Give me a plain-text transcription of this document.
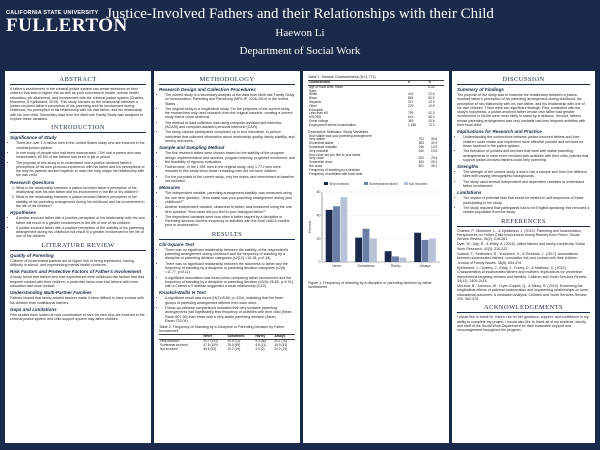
CALIFORNIA STATE UNIVERSITY
FULLERTON
Justice-Involved Fathers and their Relationships with their Child
Haewon Li
Department of Social Work
ABSTRACT

A father's involvement in the criminal justice system can create stressors on their children that lead to higher risk as well as poor outcomes in health, mental health, education, job attainment, and involvement with the criminal justice system (Charles, Muentner, & Kjellstrand, 2019). This study focuses on the relationship between a justice-involved father's perception of his parenting and his involvement during childhood, his perception of his relationship with his own father, and his relationship with his own child. Secondary data from the Multi-site Family Study was analyzed to explore these variables.

INTRODUCTION
Significance of Study
• There are over 1.5 million men in the United States today who are involved in the criminal justice system.
• In one study of people who had been incarcerated, 74% had a parent who was incarcerated; 60.5% of the fathers had been in jail or prison.
• The purpose of this study is to understand how a justice-involved father's perceptions of his own personal experience with his father and his perceptions of the way his parents worked together to raise him help shape his relationship with his own child.
Research Questions
1. What is the relationship between a justice-involved father's perception of his relationship with his own father and his involvement in the life of his children?
2. What is the relationship between a justice-involved father's perception of the stability of his parenting arrangement during his childhood and his involvement in the life of his children?
Hypotheses
• A justice-involved father with a positive perception of his relationship with his own father will result in a greater involvement in the life of one of his children.
• A justice-involved father with a positive perception of the stability of his parenting arrangement during his childhood will result in a greater involvement in the life of one of his children.
LITERATURE REVIEW
Quality of Parenting

Children of incarcerated parents are at higher risk of being imprisoned, having difficulty in school, and experiencing mental health concerns.

Risk Factors and Protective Factors of Father's Involvement

A study found that fathers who had experienced more childhood risk factors had less frequent contact with their children; a protective factor was that fathers with more education had more contact.

Understanding Multi-Partner Families

Fathers shared that family-related barriers made it more difficult to have contact with his children than institutional barriers.

Gaps and Limitations

Few studies have looked at how coordination of care for men who are involved in the criminal justice system and child support system may affect children.

METHODOLOGY
Research Design and Collection Procedures
• The current study is a secondary analysis of the data from Multi-site Family Study on Incarceration, Parenting and Partnering (MFS-IP, 2008-2014) in the United States.
• The original study is a longitudinal study. For the purposes of the current study the researchers only used research from the original baseline, creating a current study that is cross-sectional.
• The method of data collection was using computer-assisted self-interview (ACASI) and computer-assisted personal interview (CAPI).
• The study capture participants completed up to four interviews, in-person interviews that collected information about relationship quality, family stability, and reentry outcomes.
Sample and Sampling Method
• The five research states were chosen based on the stability of the program design, implementation and services, program intensity, projected enrollment, and the feasibility of rigorous evaluation.
• Furthermore, of the 1,991 men in the original study, only 1,771 men were included in this study since those remaining men did not have children.
• For the purposes of the current study, only the males who interviewed at baseline are included.
Measures
• The independent variable, parenting arrangement stability, was measured using the one item question, "How stable was your parenting arrangement during your childhood?"
• Another independent variable, closeness to father, was measured using the one item question "How close did you feel to your biological father?"
• The dependent variables were how often a father stayed by a discipline or Parenting decision and the frequency of activities with the focal child 6 months prior to incarceration.
RESULTS
Chi-Square Test
• There was no significant relationship between the stability of the respondent's parenting arrangement during childhood and the frequency of standing by a discipline or parenting decision categories (x2(12) =16.18, p=0.18).
• There was no significant relationship between the closeness to father and the frequency of standing by a discipline or parenting decision categories (x2(8) =11.77, p=0.11).
• A significant association was found when comparing father involvement and the frequency of standing by a discipline or parenting decision (x2(8)=26.85, p=0.01), with a Cramer's V statistic suggested a weak relationship (0.10).
Kruskal-Wallis H Test
• A significant result was found (H(2)=8.68, p=.034), indicating that the three groups of parenting arrangement differed from each other.
• Follow-up pairwise comparisons indicated that very unstable parenting arrangements had significantly less frequency of activities with their child (Mean Rank=607.96) than those with a very stable parenting decision (Mean Rank=733.04).
Table 2: Frequency of Standing by a Discipline or Parenting Decision by Father Involvement
	Never	Sometimes	Rarely	Always
Very involved	44.7 (124)	20.9 (73)	9.3 (60)	25.1 (76)
Somewhat involved	47.8 (109)	28.5 (65)	4.8 (11)	18.9 (43)
Not involved	55.6 (52)	20.2 (19)	3.9 (2)	20.2 (19)
Table 1: Sample Characteristics (N=1,771)
Characteristic	n	%
Age of focal child, mean		8.05
Race		
White	401	22.6
Black	894	50.5
Hispanic	247	13.9
Other	229	12.9
Education		
Less than HS	759	42.9
HS/GED	643	36.3
Some college	369	20.8
Employment before incarceration	1,245	70.3
Descriptive Statistics: Study Variables
How stable was your parenting arrangement		
Very stable	702	39.6
Somewhat stable	583	32.9
Somewhat unstable	246	13.9
Very unstable	240	13.6
How close did you feel to your father		
Very close	520	29.4
Somewhat close	450	25.4
Not close	801	45.2
Frequency of standing by a decision		
Frequency of activities with focal child		
0
20
40
60
Never	Sometimes	Rarely	Always
Percent
Very involved	Somewhat involved	Not involved
Figure 1. Frequency of standing by a discipline or parenting decision by father involvement
DISCUSSION
Summary of Findings

The purpose of the study was to examine the relationship between a justice-involved father's perception of his parenting arrangement during childhood, his perception of his relationship with his own father, and his relationship with one of his own children. There were two significant findings. First, consistent with the study's hypothesis, a justice-involved father whose own father had greater involvement in his life were more likely to stand by a decision. Second, fathers whose parenting arrangement was very unstable had less frequent activities with their focal child.

Implications for Research and Practice
• Understanding the connections between justice-involved fathers and their children could create and implement more effective policies and services for those involved in the justice system.
• The formation of policies and services that work with stable parenting arrangements or were more involved with activities with their child; policies that support justice-involved fathers could help parenting.
Strengths
• The strength of the current study is that it has a sample size from five different sites with varying demographic backgrounds.
• The study used several independent and dependent variables to understand father involvement.
Limitations
• The impact of potential bias that would be related to self-responses of those participating in the study.
• The study required that participants had to be English-speaking; this removed a certain population from the study.
REFERENCES

Charles, P., Muentner, L., & Kjellstrand, J. (2019). Parenting and incarceration: Perspectives on Father-Child Involvement during Reentry from Prison. Social Service Review, 93(2), 218-261.

Dyer, W., Day, R., & Wiley, A. (2018). Jailed fathers and family complexity. Social Work Research, 42(3), 210-222.

Galardi, T., Settersten, R., Vuchinich, S., & Richards, L. (2017). Associations between incarcerated fathers' cumulative risk and contact with their children. Journal of Family Issues, 38(5), 654-676.

Kjellstrand, J., Cearley, J., Eddy, J., Foney, D., & Martinez, C. (2012). Characteristics of incarcerated fathers and mothers: Implications for preventive interventions targeting children and families. Children and Youth Services Review, 34(12), 2409-2415.

McLeod, B., Johnson, W., Cryer-Coupet, Q., & Mincy, R. (2019). Examining the longitudinal effects of paternal incarceration and coparenting relationships on sons' educational outcomes: A mediation analysis. Children and Youth Services Review, 100, 362-375.

ACKNOWLEDGEMENTS

I would like to thank Dr. Karen Lee for her guidance, support, and confidence in my ability to complete my project. I would also like to thank all of my students, faculty, and staff of the Social Work Department for their invaluable support and encouragement throughout the program.
